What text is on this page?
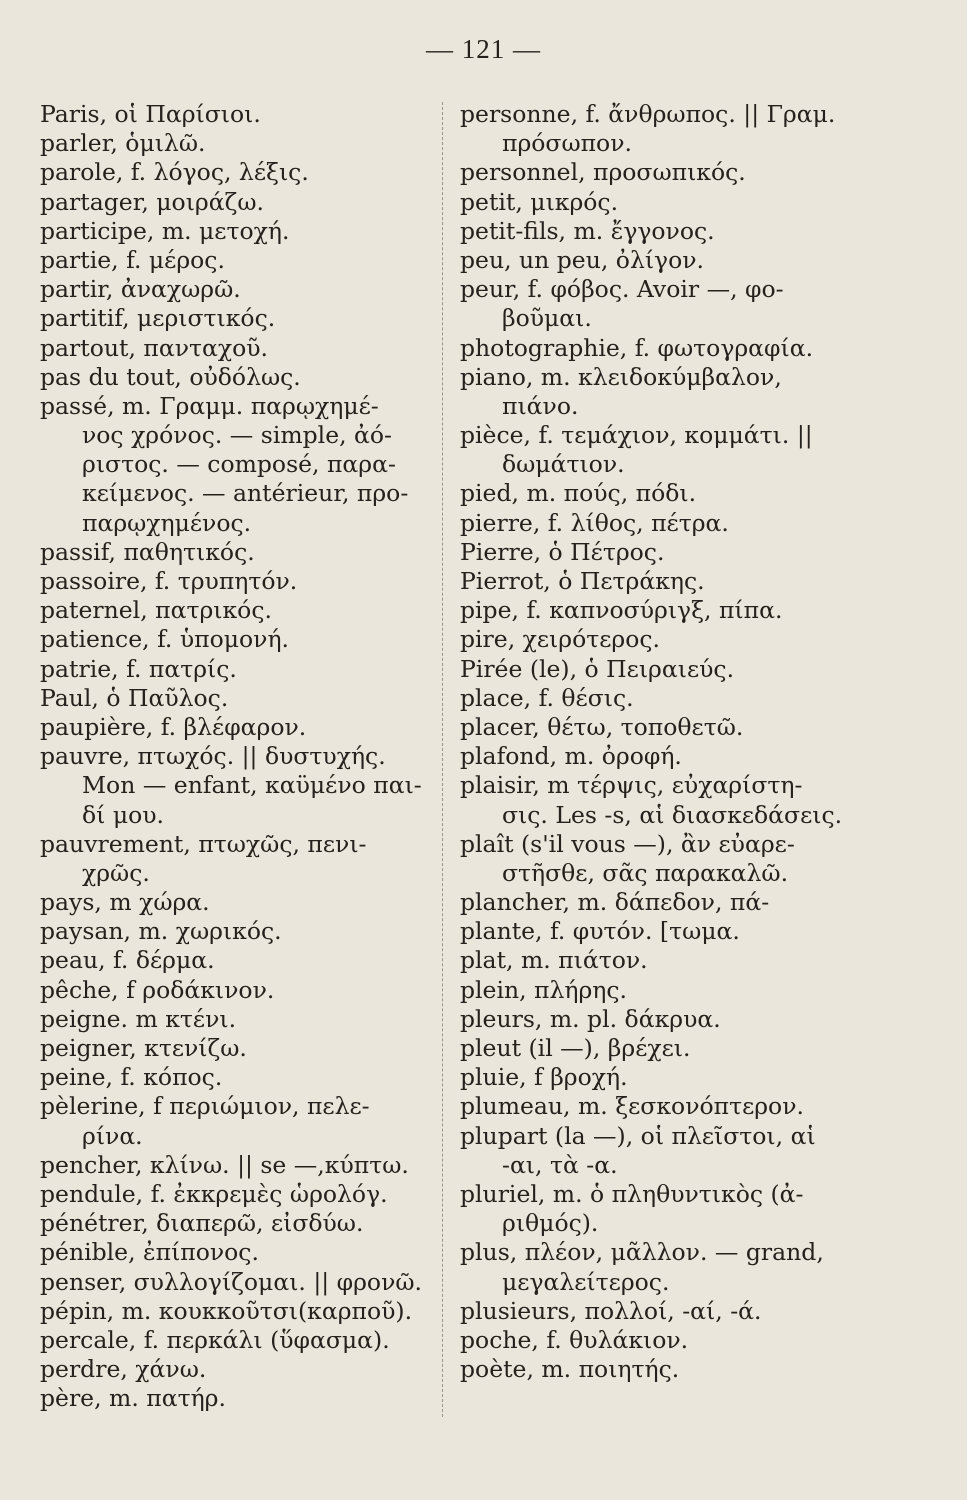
— 121 —
Paris, οἱ Παρίσιοι.
parler, ὁμιλῶ.
parole, f. λόγος, λέξις.
partager, μοιράζω.
participe, m. μετοχή.
partie, f. μέρος.
partir, ἀναχωρῶ.
partitif, μεριστικός.
partout, πανταχοῦ.
pas du tout, οὐδόλως.
passé, m. Γραμμ. παρῳχημέ-
νος χρόνος. — simple, ἀό-
ριστος. — composé, παρα-
κείμενος. — antérieur, προ-
παρῳχημένος.
passif, παθητικός.
passoire, f. τρυπητόν.
paternel, πατρικός.
patience, f. ὑπομονή.
patrie, f. πατρίς.
Paul, ὁ Παῦλος.
paupière, f. βλέφαρον.
pauvre, πτωχός. || δυστυχής.
Mon — enfant, καϋμένο παι-
δί μου.
pauvrement, πτωχῶς, πενι-
χρῶς.
pays, m χώρα.
paysan, m. χωρικός.
peau, f. δέρμα.
pêche, f ροδάκινον.
peigne. m κτένι.
peigner, κτενίζω.
peine, f. κόπος.
pèlerine, f περιώμιον, πελε-
ρίνα.
pencher, κλίνω. || se —,κύπτω.
pendule, f. ἐκκρεμὲς ὡρολόγ.
pénétrer, διαπερῶ, εἰσδύω.
pénible, ἐπίπονος.
penser, συλλογίζομαι. || φρονῶ.
pépin, m. κουκκοῦτσι(καρποῦ).
percale, f. περκάλι (ὕφασμα).
perdre, χάνω.
père, m. πατήρ.
personne, f. ἄνθρωπος. || Γραμ.
πρόσωπον.
personnel, προσωπικός.
petit, μικρός.
petit-fils, m. ἔγγονος.
peu, un peu, ὀλίγον.
peur, f. φόβος. Avoir —, φο-
βοῦμαι.
photographie, f. φωτογραφία.
piano, m. κλειδοκύμβαλον,
πιάνο.
pièce, f. τεμάχιον, κομμάτι. ||
δωμάτιον.
pied, m. πούς, πόδι.
pierre, f. λίθος, πέτρα.
Pierre, ὁ Πέτρος.
Pierrot, ὁ Πετράκης.
pipe, f. καπνοσύριγξ, πίπα.
pire, χειρότερος.
Pirée (le), ὁ Πειραιεύς.
place, f. θέσις.
placer, θέτω, τοποθετῶ.
plafond, m. ὀροφή.
plaisir, m τέρψις, εὐχαρίστη-
σις. Les -s, αἱ διασκεδάσεις.
plaît (s'il vous —), ἂν εὐαρε-
στῆσθε, σᾶς παρακαλῶ.
plancher, m. δάπεδον, πά-
plante, f. φυτόν. [τωμα.
plat, m. πιάτον.
plein, πλήρης.
pleurs, m. pl. δάκρυα.
pleut (il —), βρέχει.
pluie, f βροχή.
plumeau, m. ξεσκονόπτερον.
plupart (la —), οἱ πλεῖστοι, αἱ
-αι, τὰ -α.
pluriel, m. ὁ πληθυντικὸς (ἀ-
ριθμός).
plus, πλέον, μᾶλλον. — grand,
μεγαλείτερος.
plusieurs, πολλοί, -αί, -ά.
poche, f. θυλάκιον.
poète, m. ποιητής.
